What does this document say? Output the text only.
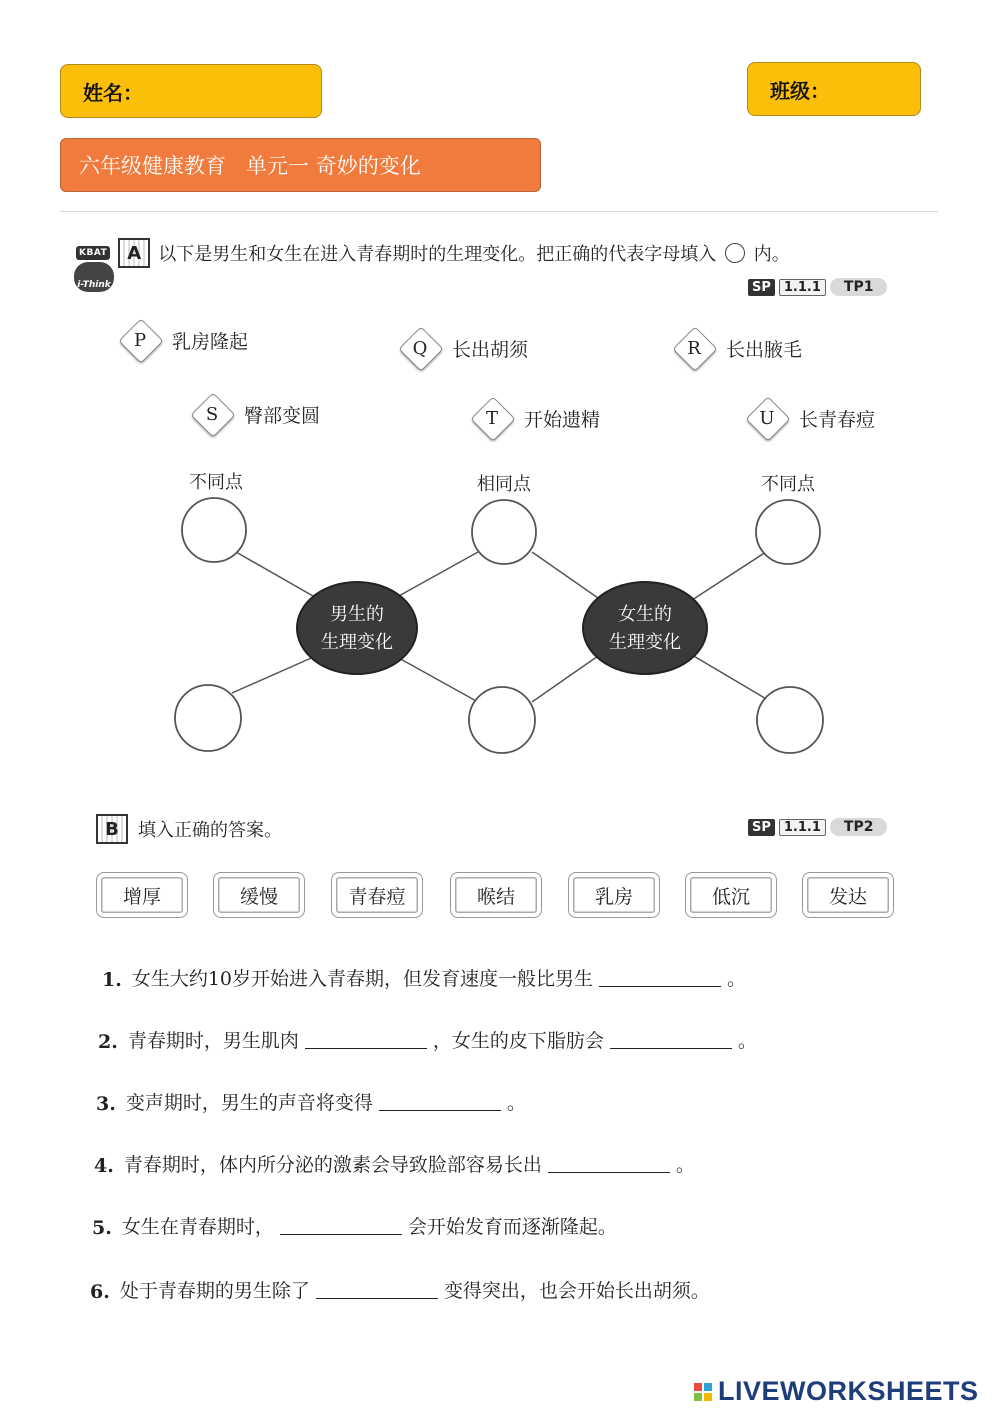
姓名：	班级：
六年级健康教育   单元一 奇妙的变化
KBAT	A 以下是男生和女生在进入青春期时的生理变化。把正确的代表字母填入 内。
i-Think	SP	1.1.1	TP1
P	乳房隆起	Q	长出胡须	R	长出腋毛
S	臀部变圆	T	开始遗精	U	长青春痘
男生的
生理变化
女生的
生理变化
不同点	相同点	不同点
B	填入正确的答案。	SP	1.1.1	TP2
增厚	缓慢	青春痘	喉结	乳房	低沉	发达
1. 女生大约10岁开始进入青春期，但发育速度一般比男生	。
2. 青春期时，男生肌肉	，女生的皮下脂肪会	。
3. 变声期时，男生的声音将变得	。
4. 青春期时，体内所分泌的激素会导致脸部容易长出	。
5. 女生在青春期时，	会开始发育而逐渐隆起。
6. 处于青春期的男生除了	变得突出，也会开始长出胡须。
LIVEWORKSHEETS
